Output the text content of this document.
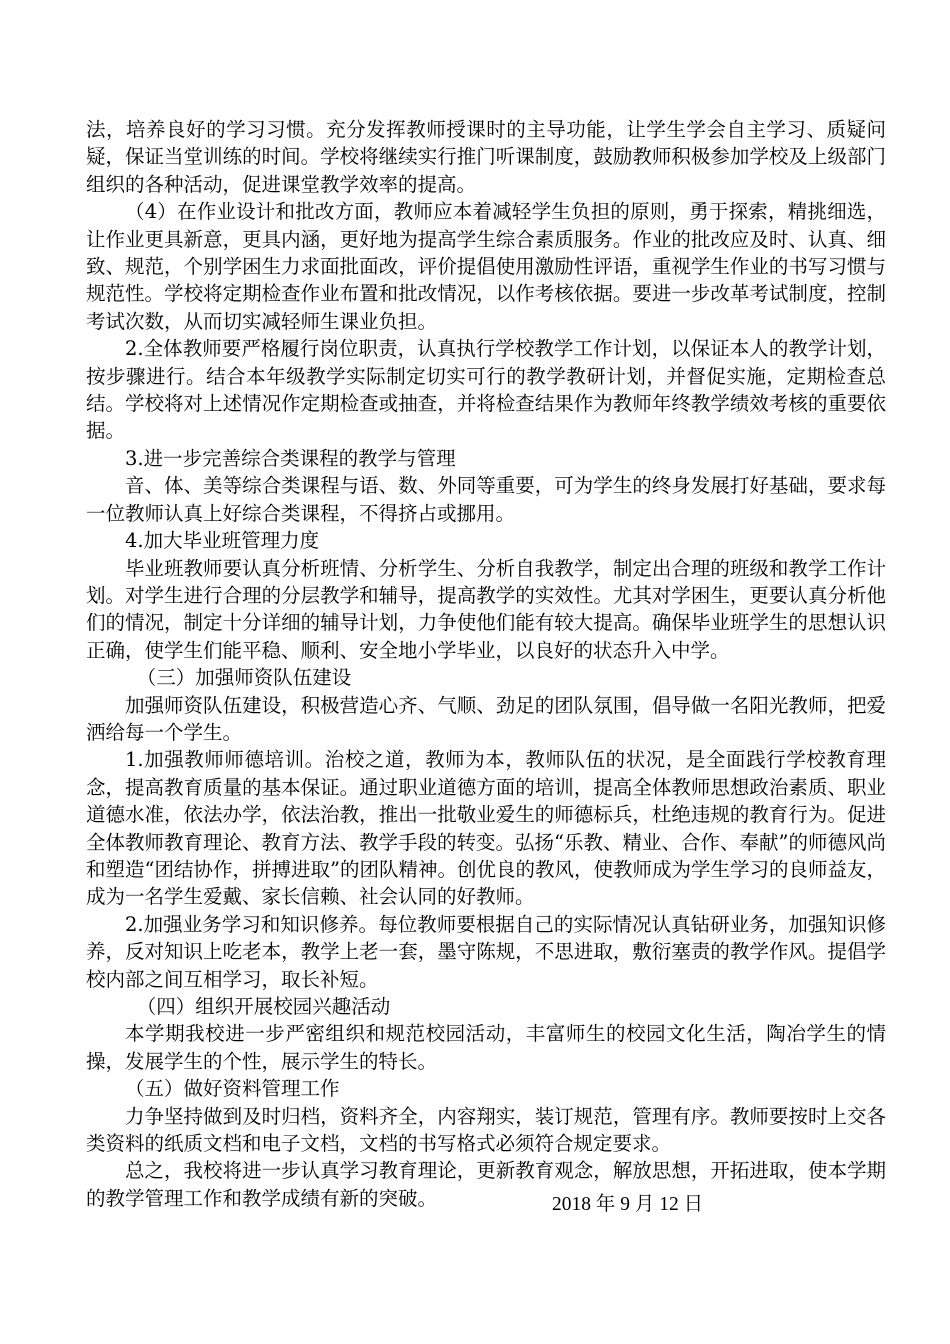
法，培养良好的学习习惯。充分发挥教师授课时的主导功能，让学生学会自主学习、质疑问疑，保证当堂训练的时间。学校将继续实行推门听课制度，鼓励教师积极参加学校及上级部门组织的各种活动，促进课堂教学效率的提高。

（4）在作业设计和批改方面，教师应本着减轻学生负担的原则，勇于探索，精挑细选，让作业更具新意，更具内涵，更好地为提高学生综合素质服务。作业的批改应及时、认真、细致、规范，个别学困生力求面批面改，评价提倡使用激励性评语，重视学生作业的书写习惯与规范性。学校将定期检查作业布置和批改情况，以作考核依据。要进一步改革考试制度，控制考试次数，从而切实减轻师生课业负担。

2.全体教师要严格履行岗位职责，认真执行学校教学工作计划，以保证本人的教学计划，按步骤进行。结合本年级教学实际制定切实可行的教学教研计划，并督促实施，定期检查总结。学校将对上述情况作定期检查或抽查，并将检查结果作为教师年终教学绩效考核的重要依据。

3.进一步完善综合类课程的教学与管理

音、体、美等综合类课程与语、数、外同等重要，可为学生的终身发展打好基础，要求每一位教师认真上好综合类课程，不得挤占或挪用。

4.加大毕业班管理力度

毕业班教师要认真分析班情、分析学生、分析自我教学，制定出合理的班级和教学工作计划。对学生进行合理的分层教学和辅导，提高教学的实效性。尤其对学困生，更要认真分析他们的情况，制定十分详细的辅导计划，力争使他们能有较大提高。确保毕业班学生的思想认识正确，使学生们能平稳、顺利、安全地小学毕业，以良好的状态升入中学。

（三）加强师资队伍建设

加强师资队伍建设，积极营造心齐、气顺、劲足的团队氛围，倡导做一名阳光教师，把爱洒给每一个学生。

1.加强教师师德培训。治校之道，教师为本，教师队伍的状况，是全面践行学校教育理念，提高教育质量的基本保证。通过职业道德方面的培训，提高全体教师思想政治素质、职业道德水准，依法办学，依法治教，推出一批敬业爱生的师德标兵，杜绝违规的教育行为。促进全体教师教育理论、教育方法、教学手段的转变。弘扬“乐教、精业、合作、奉献”的师德风尚和塑造“团结协作，拼搏进取”的团队精神。创优良的教风，使教师成为学生学习的良师益友，成为一名学生爱戴、家长信赖、社会认同的好教师。

2.加强业务学习和知识修养。每位教师要根据自己的实际情况认真钻研业务，加强知识修养，反对知识上吃老本，教学上老一套，墨守陈规，不思进取，敷衍塞责的教学作风。提倡学校内部之间互相学习，取长补短。

（四）组织开展校园兴趣活动

本学期我校进一步严密组织和规范校园活动，丰富师生的校园文化生活，陶冶学生的情操，发展学生的个性，展示学生的特长。

（五）做好资料管理工作

力争坚持做到及时归档，资料齐全，内容翔实，装订规范，管理有序。教师要按时上交各类资料的纸质文档和电子文档，文档的书写格式必须符合规定要求。

总之，我校将进一步认真学习教育理论，更新教育观念，解放思想，开拓进取，使本学期的教学管理工作和教学成绩有新的突破。	2018 年 9 月 12 日
